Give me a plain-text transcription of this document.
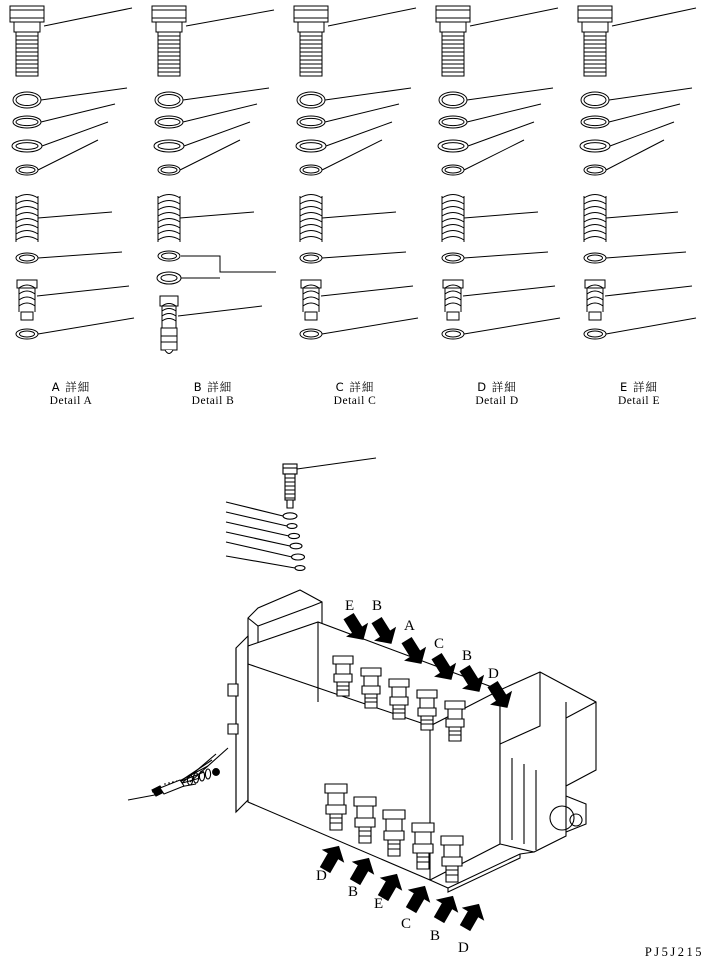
A 詳細
Detail A
B 詳細
Detail B
C 詳細
Detail C
D 詳細
Detail D
E 詳細
Detail E
E B
A
C
B
D
D
B
E
C
B
D	PJ5J215
